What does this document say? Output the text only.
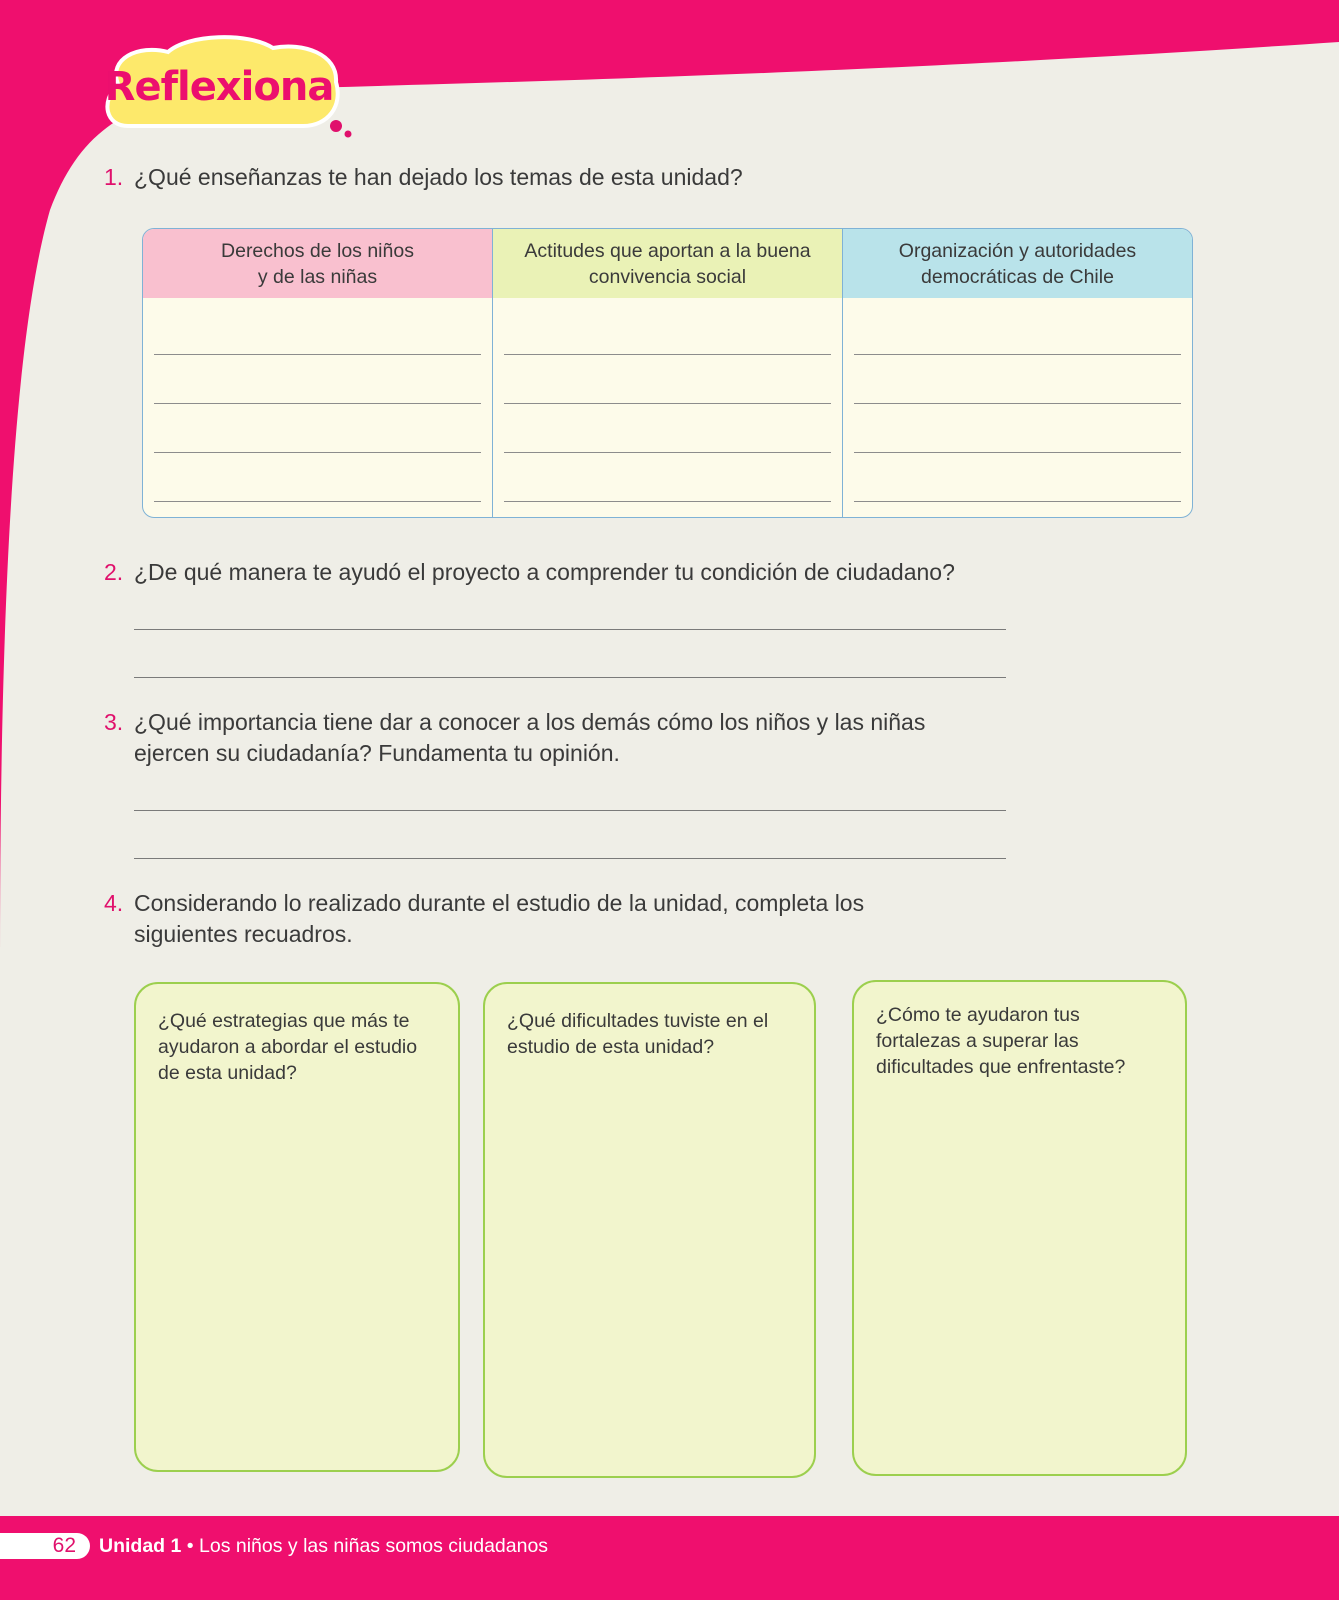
Reflexiona

1. ¿Qué enseñanzas te han dejado los temas de esta unidad?

Derechos de los niños
y de las niñas
Actitudes que aportan a la buena
convivencia social
Organización y autoridades
democráticas de Chile

2. ¿De qué manera te ayudó el proyecto a comprender tu condición de ciudadano?

3. ¿Qué importancia tiene dar a conocer a los demás cómo los niños y las niñas ejercen su ciudadanía? Fundamenta tu opinión.

4. Considerando lo realizado durante el estudio de la unidad, completa los siguientes recuadros.

¿Qué estrategias que más te ayudaron a abordar el estudio de esta unidad?
¿Qué dificultades tuviste en el estudio de esta unidad?
¿Cómo te ayudaron tus fortalezas a superar las dificultades que enfrentaste?
62	Unidad 1 • Los niños y las niñas somos ciudadanos
